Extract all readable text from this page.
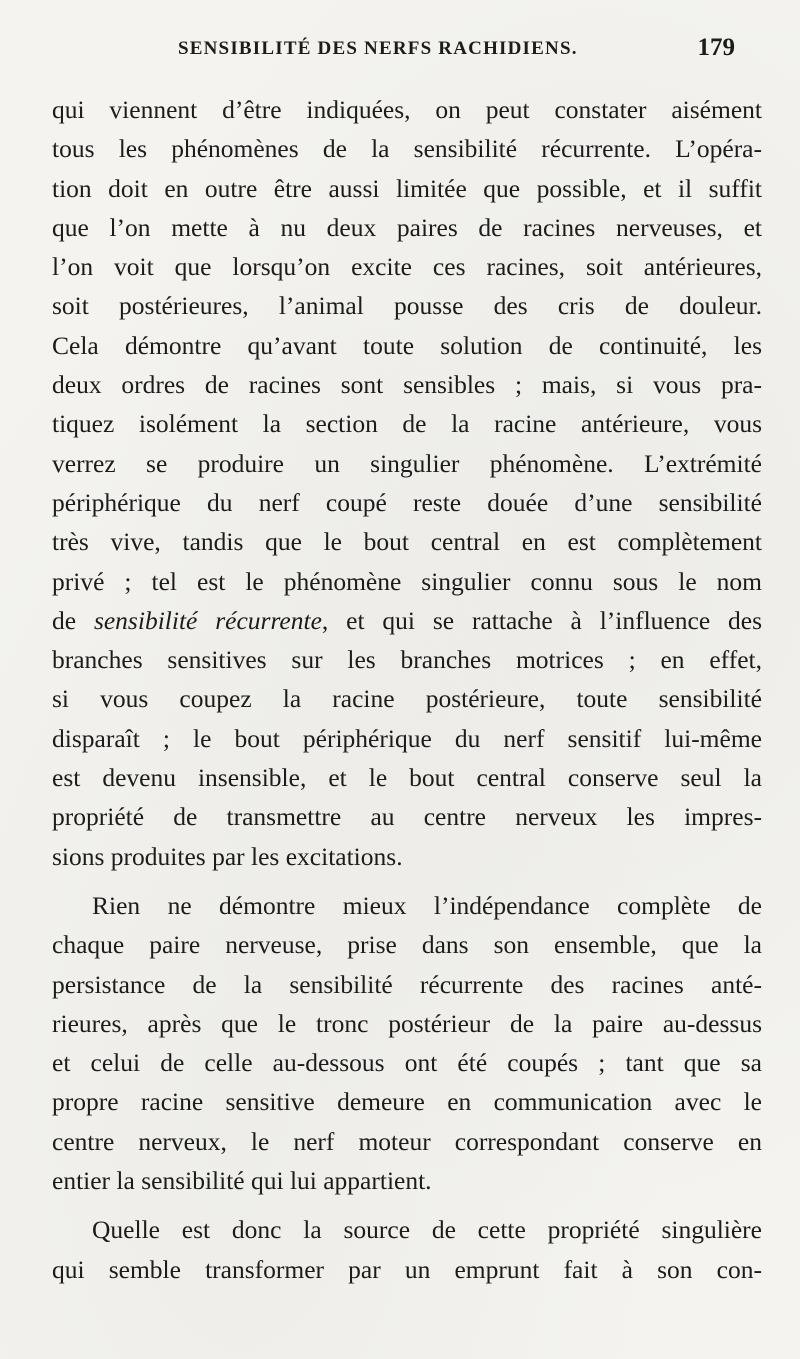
SENSIBILITÉ DES NERFS RACHIDIENS.	179
qui viennent d’être indiquées, on peut constater aisément
tous les phénomènes de la sensibilité récurrente. L’opéra-
tion doit en outre être aussi limitée que possible, et il suffit
que l’on mette à nu deux paires de racines nerveuses, et
l’on voit que lorsqu’on excite ces racines, soit antérieures,
soit postérieures, l’animal pousse des cris de douleur.
Cela démontre qu’avant toute solution de continuité, les
deux ordres de racines sont sensibles ; mais, si vous pra-
tiquez isolément la section de la racine antérieure, vous
verrez se produire un singulier phénomène. L’extrémité
périphérique du nerf coupé reste douée d’une sensibilité
très vive, tandis que le bout central en est complètement
privé ; tel est le phénomène singulier connu sous le nom
de sensibilité récurrente, et qui se rattache à l’influence des
branches sensitives sur les branches motrices ; en effet,
si vous coupez la racine postérieure, toute sensibilité
disparaît ; le bout périphérique du nerf sensitif lui-même
est devenu insensible, et le bout central conserve seul la
propriété de transmettre au centre nerveux les impres-
sions produites par les excitations.
Rien ne démontre mieux l’indépendance complète de
chaque paire nerveuse, prise dans son ensemble, que la
persistance de la sensibilité récurrente des racines anté-
rieures, après que le tronc postérieur de la paire au-dessus
et celui de celle au-dessous ont été coupés ; tant que sa
propre racine sensitive demeure en communication avec le
centre nerveux, le nerf moteur correspondant conserve en
entier la sensibilité qui lui appartient.
Quelle est donc la source de cette propriété singulière
qui semble transformer par un emprunt fait à son con-
